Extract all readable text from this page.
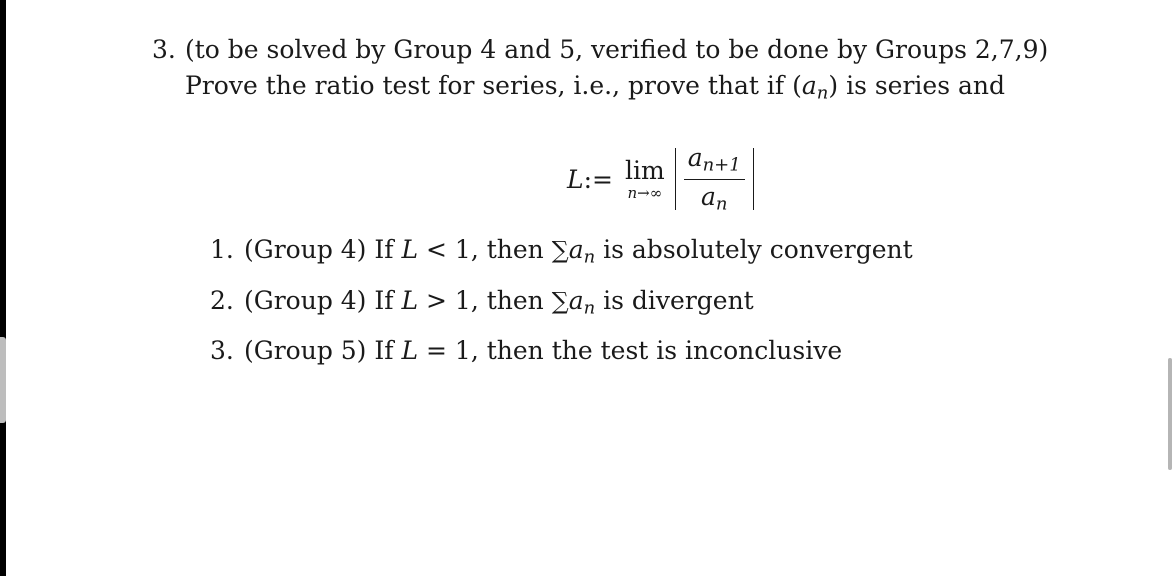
3. (to be solved by Group 4 and 5, verified to be done by Groups 2,7,9)
Prove the ratio test for series, i.e., prove that if $(a_n)$ is series and
L := lim
$n\to\infty \frac{a_{n+1}}{a_n}$
1. (Group 4) If L < 1, then $\sum a_n$ is absolutely convergent
2. (Group 4) If L > 1, then $\sum a_n$ is divergent
3. (Group 5) If L = 1, then the test is inconclusive
